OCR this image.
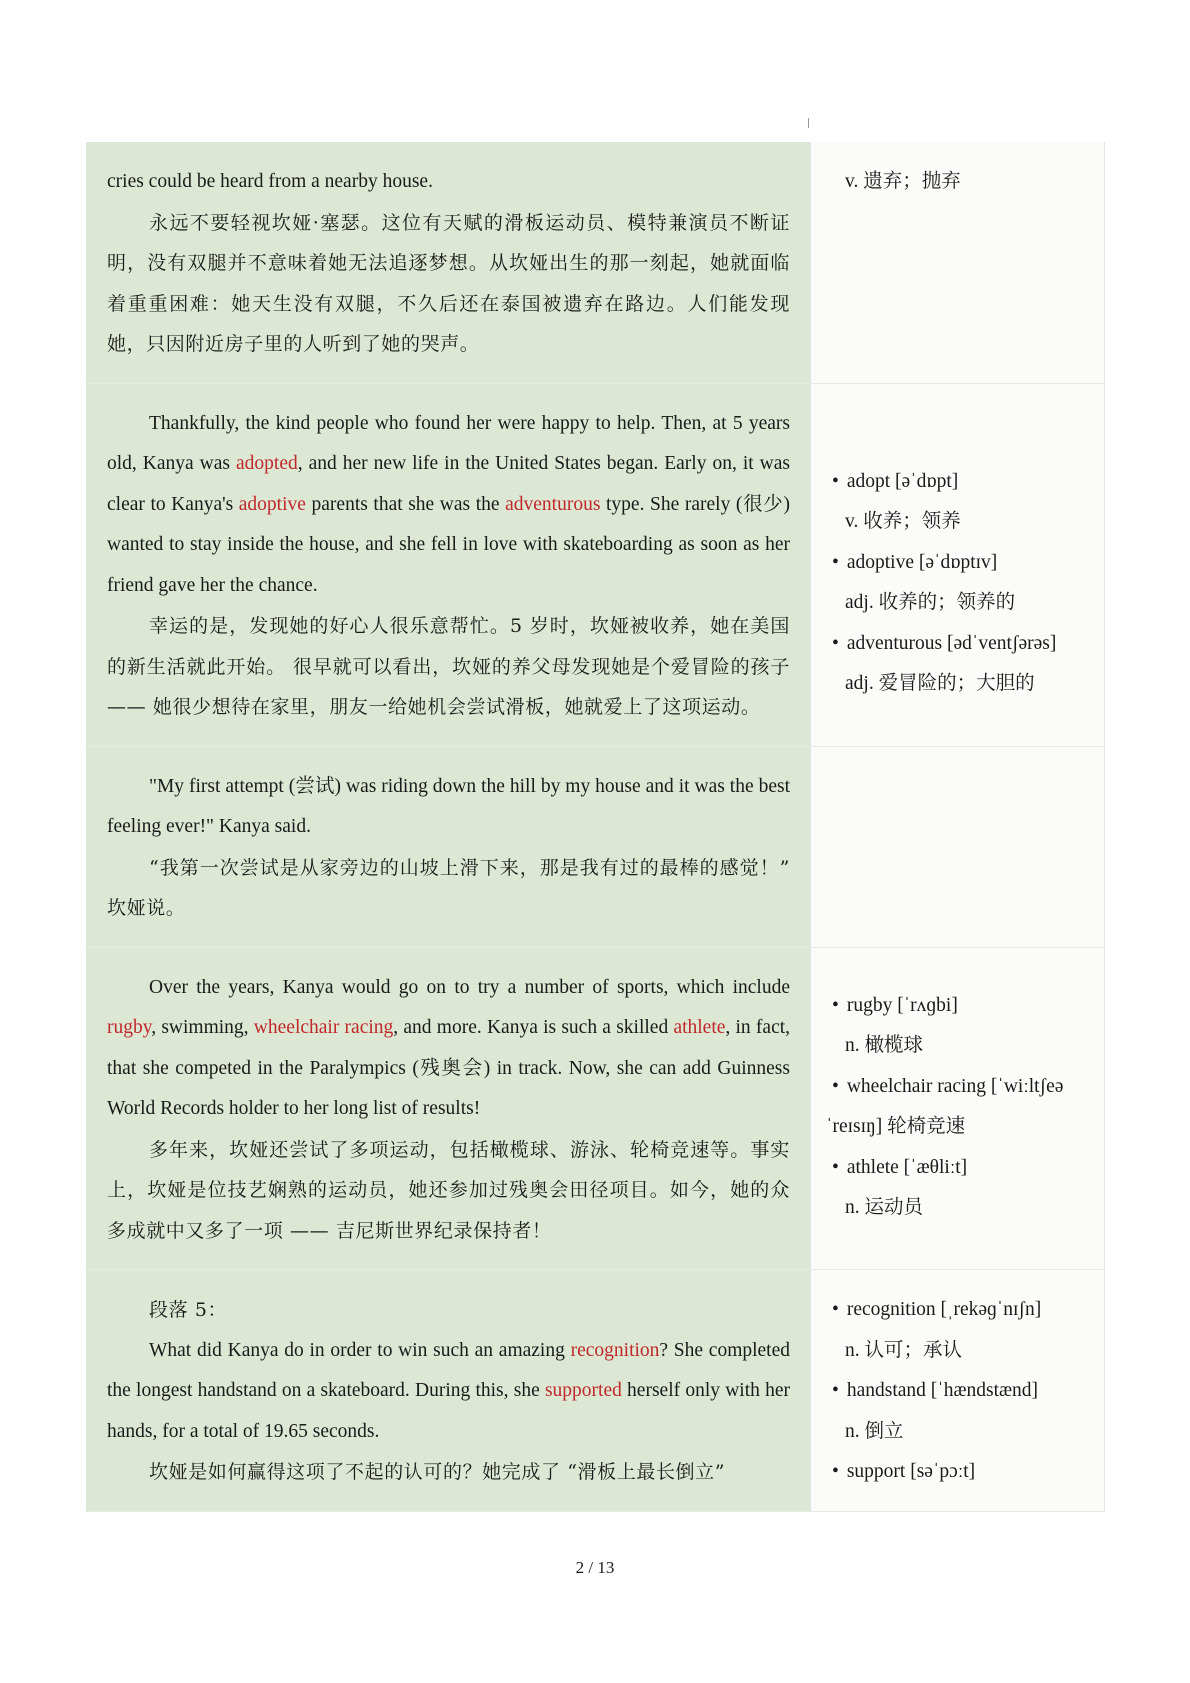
cries could be heard from a nearby house.

永远不要轻视坎娅·塞瑟。这位有天赋的滑板运动员、模特兼演员不断证明，没有双腿并不意味着她无法追逐梦想。从坎娅出生的那一刻起，她就面临着重重困难：她天生没有双腿，不久后还在泰国被遗弃在路边。人们能发现她，只因附近房子里的人听到了她的哭声。

v. 遗弃；抛弃

Thankfully, the kind people who found her were happy to help. Then, at 5 years old, Kanya was adopted, and her new life in the United States began. Early on, it was clear to Kanya's adoptive parents that she was the adventurous type. She rarely (很少) wanted to stay inside the house, and she fell in love with skateboarding as soon as her friend gave her the chance.

幸运的是，发现她的好心人很乐意帮忙。5 岁时，坎娅被收养，她在美国的新生活就此开始。 很早就可以看出，坎娅的养父母发现她是个爱冒险的孩子 —— 她很少想待在家里，朋友一给她机会尝试滑板，她就爱上了这项运动。

• adopt [əˈdɒpt]
v. 收养；领养
• adoptive [əˈdɒptɪv]
adj. 收养的；领养的
• adventurous [ədˈventʃərəs]
adj. 爱冒险的；大胆的

"My first attempt (尝试) was riding down the hill by my house and it was the best feeling ever!" Kanya said.

“我第一次尝试是从家旁边的山坡上滑下来，那是我有过的最棒的感觉！” 坎娅说。

Over the years, Kanya would go on to try a number of sports, which include rugby, swimming, wheelchair racing, and more. Kanya is such a skilled athlete, in fact, that she competed in the Paralympics (残奥会) in track. Now, she can add Guinness World Records holder to her long list of results!

多年来，坎娅还尝试了多项运动，包括橄榄球、游泳、轮椅竞速等。事实上，坎娅是位技艺娴熟的运动员，她还参加过残奥会田径项目。如今，她的众多成就中又多了一项 —— 吉尼斯世界纪录保持者！

• rugby [ˈrʌɡbi]
n. 橄榄球
• wheelchair racing [ˈwiːltʃeə
ˈreɪsɪŋ] 轮椅竞速
• athlete [ˈæθliːt]
n. 运动员

段落 5：

What did Kanya do in order to win such an amazing recognition? She completed the longest handstand on a skateboard. During this, she supported herself only with her hands, for a total of 19.65 seconds.

坎娅是如何赢得这项了不起的认可的？她完成了 “滑板上最长倒立”

• recognition [ˌrekəɡˈnɪʃn]
n. 认可；承认
• handstand [ˈhændstænd]
n. 倒立
• support [səˈpɔːt]
2 / 13
